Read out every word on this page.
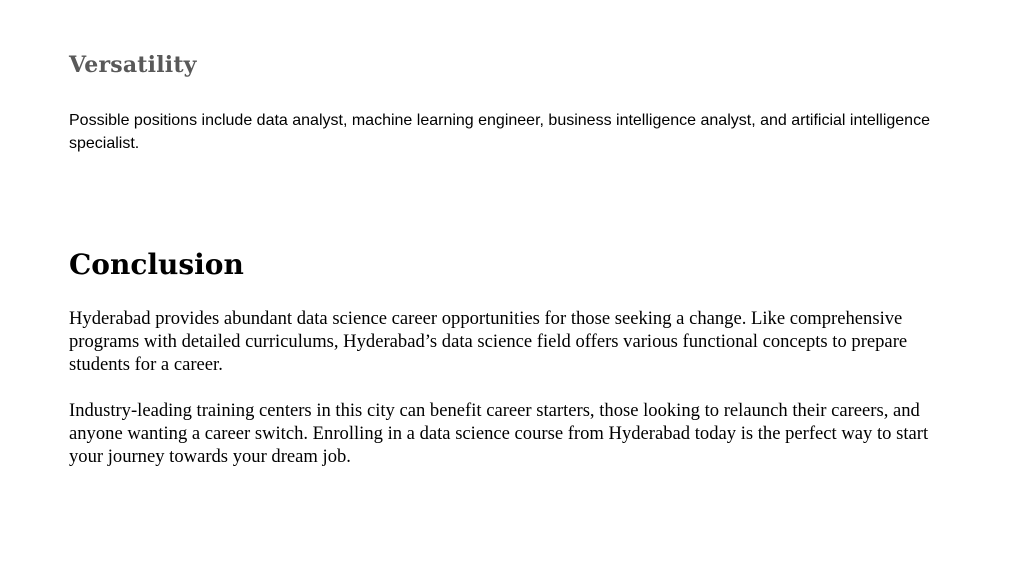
Versatility

Possible positions include data analyst, machine learning engineer, business intelligence analyst, and artificial intelligence specialist.

Conclusion

Hyderabad provides abundant data science career opportunities for those seeking a change. Like comprehensive programs with detailed curriculums, Hyderabad’s data science field offers various functional concepts to prepare students for a career.

Industry-leading training centers in this city can benefit career starters, those looking to relaunch their careers, and anyone wanting a career switch. Enrolling in a data science course from Hyderabad today is the perfect way to start your journey towards your dream job.
